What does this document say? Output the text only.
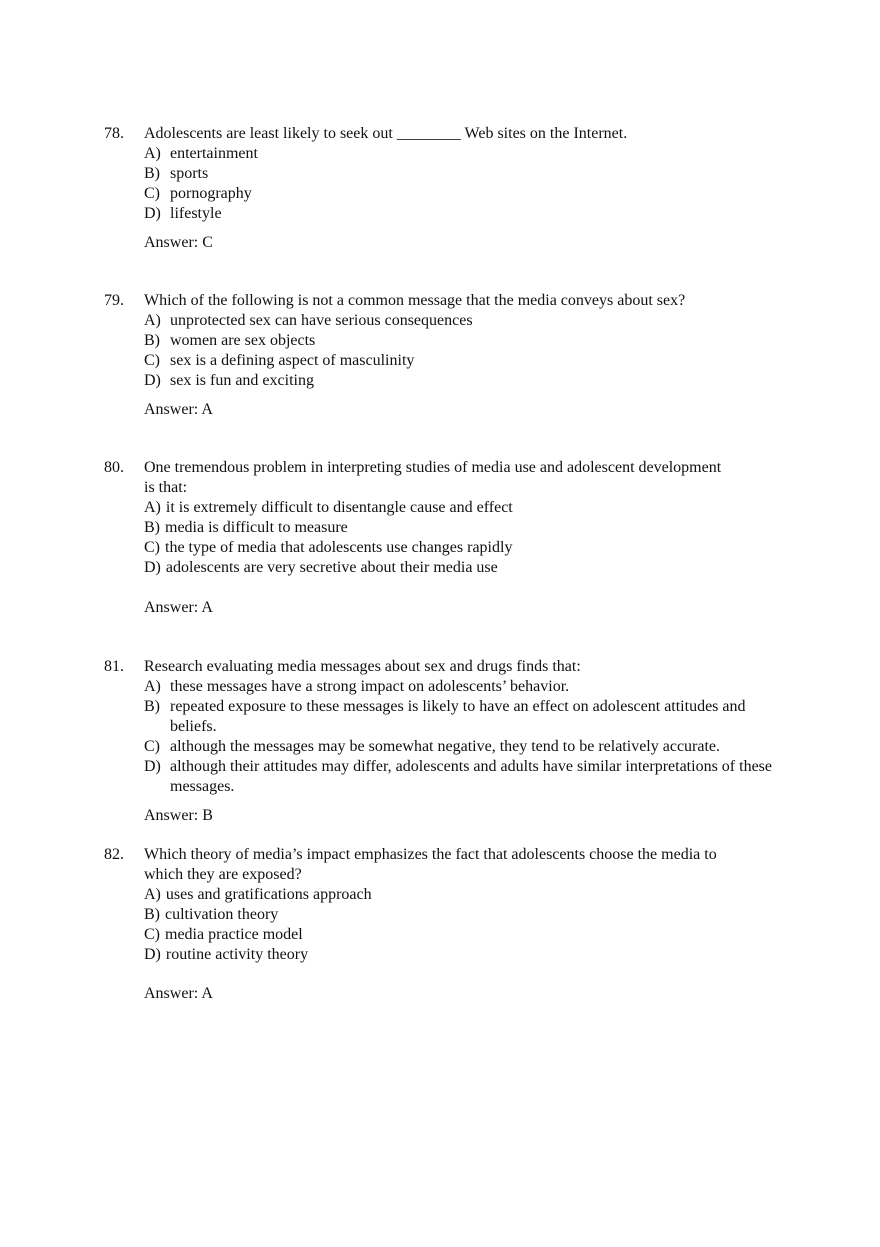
78.	Adolescents are least likely to seek out ________ Web sites on the Internet.
A) entertainment
B) sports
C) pornography
D) lifestyle
Answer: C
79.	Which of the following is not a common message that the media conveys about sex?
A) unprotected sex can have serious consequences
B) women are sex objects
C) sex is a defining aspect of masculinity
D) sex is fun and exciting
Answer: A
80.	One tremendous problem in interpreting studies of media use and adolescent development
is that:
A) it is extremely difficult to disentangle cause and effect
B) media is difficult to measure
C) the type of media that adolescents use changes rapidly
D) adolescents are very secretive about their media use
Answer: A
81.	Research evaluating media messages about sex and drugs finds that:
A) these messages have a strong impact on adolescents’ behavior.
B) repeated exposure to these messages is likely to have an effect on adolescent attitudes and beliefs.
C) although the messages may be somewhat negative, they tend to be relatively accurate.
D) although their attitudes may differ, adolescents and adults have similar interpretations of these messages.
Answer: B
82.	Which theory of media’s impact emphasizes the fact that adolescents choose the media to
which they are exposed?
A) uses and gratifications approach
B) cultivation theory
C) media practice model
D) routine activity theory
Answer: A
